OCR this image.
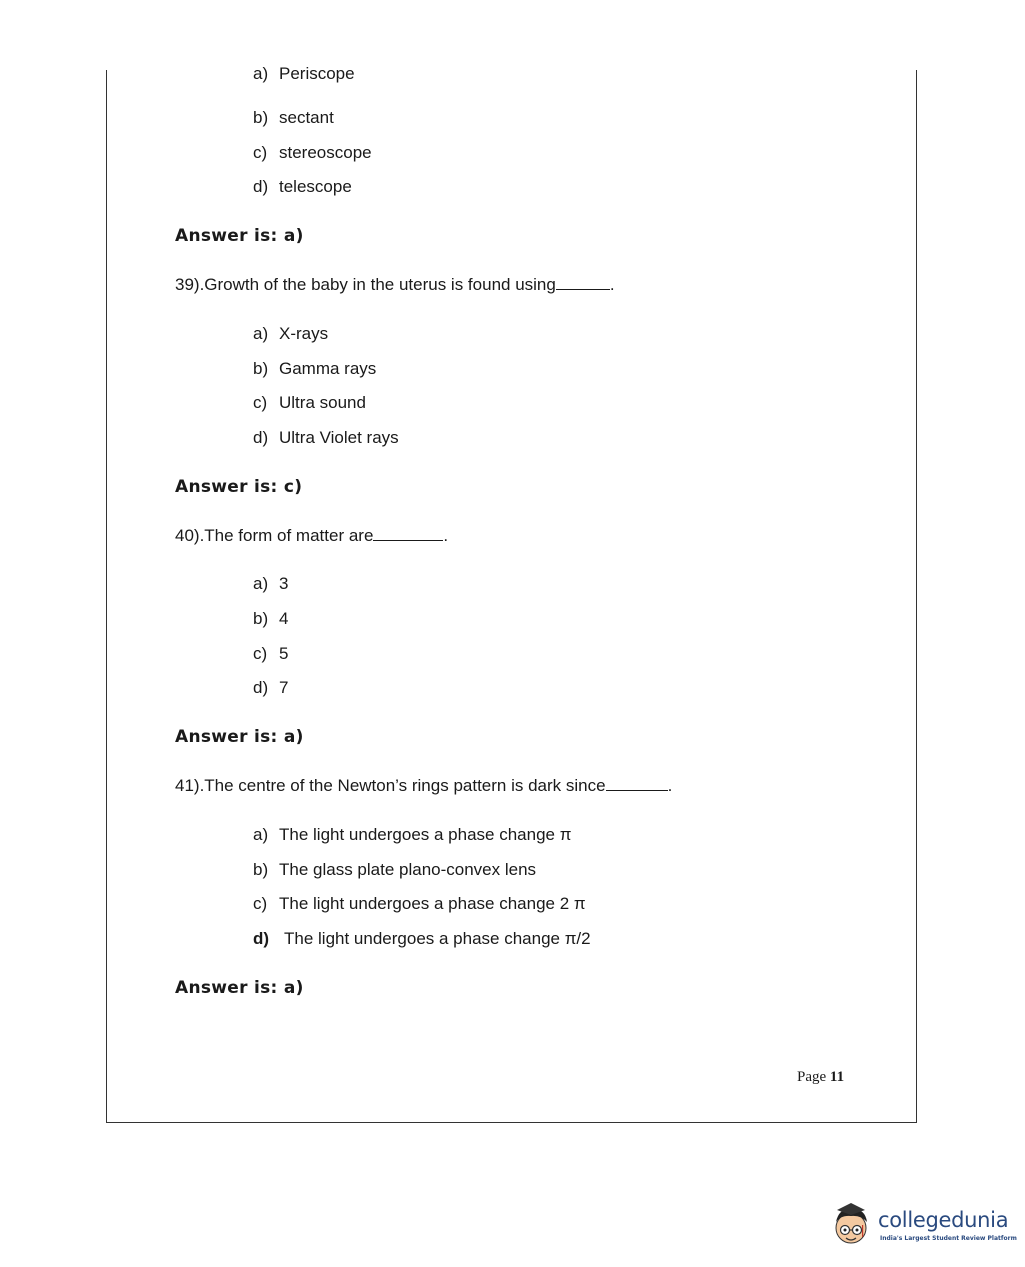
a) Periscope
b) sectant
c) stereoscope
d) telescope
Answer is: a)
39).Growth of the baby in the uterus is found using	.
a) X-rays
b) Gamma rays
c) Ultra sound
d) Ultra Violet rays
Answer is: c)
40).The form of matter are	.
a) 3
b) 4
c) 5
d) 7
Answer is: a)
41).The centre of the Newton’s rings pattern is dark since	.
a) The light undergoes a phase change π
b) The glass plate plano-convex lens
c) The light undergoes a phase change 2 π
d) The light undergoes a phase change π/2
Answer is: a)
Page 11
collegedunia
India's Largest Student Review Platform
